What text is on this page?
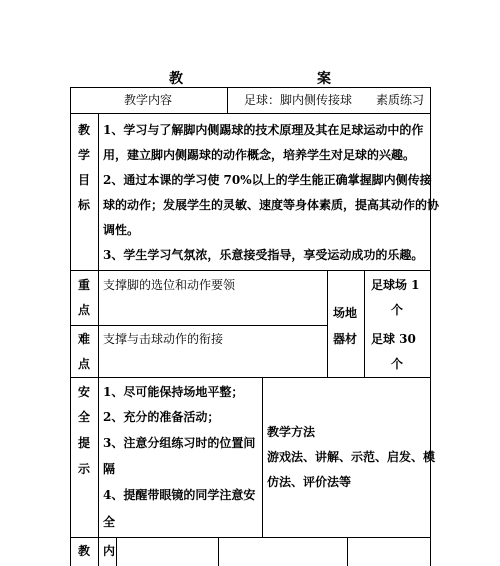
教　案
教学内容	足球：脚内侧传接球　　素质练习
教
学
目
标
1、学习与了解脚内侧踢球的技术原理及其在足球运动中的作
用，建立脚内侧踢球的动作概念，培养学生对足球的兴趣。
2、通过本课的学习使 70%以上的学生能正确掌握脚内侧传接
球的动作；发展学生的灵敏、速度等身体素质，提高其动作的协
调性。
3、学生学习气氛浓，乐意接受指导，享受运动成功的乐趣。
重
点
支撑脚的选位和动作要领
难
点
支撑与击球动作的衔接
场地
器材
足球场 1
个
足球 30
个
安
全
提
示
1、尽可能保持场地平整；
2、充分的准备活动；
3、注意分组练习时的位置间
隔
4、提醒带眼镜的同学注意安
全
教学方法
游戏法、讲解、示范、启发、模
仿法、评价法等
教 内
